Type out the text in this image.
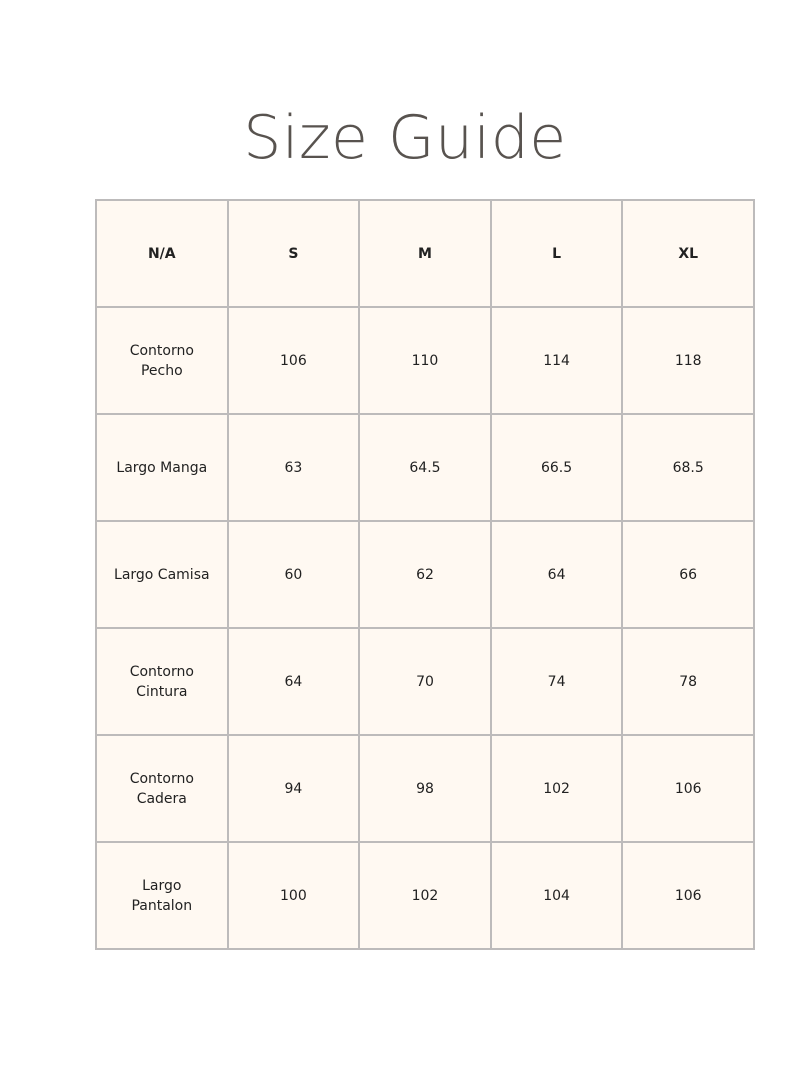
Size Guide
N/A	S	M	L	XL
Contorno Pecho	106	110	114	118
Largo Manga	63	64.5	66.5	68.5
Largo Camisa	60	62	64	66
Contorno Cintura	64	70	74	78
Contorno Cadera	94	98	102	106
Largo Pantalon	100	102	104	106
